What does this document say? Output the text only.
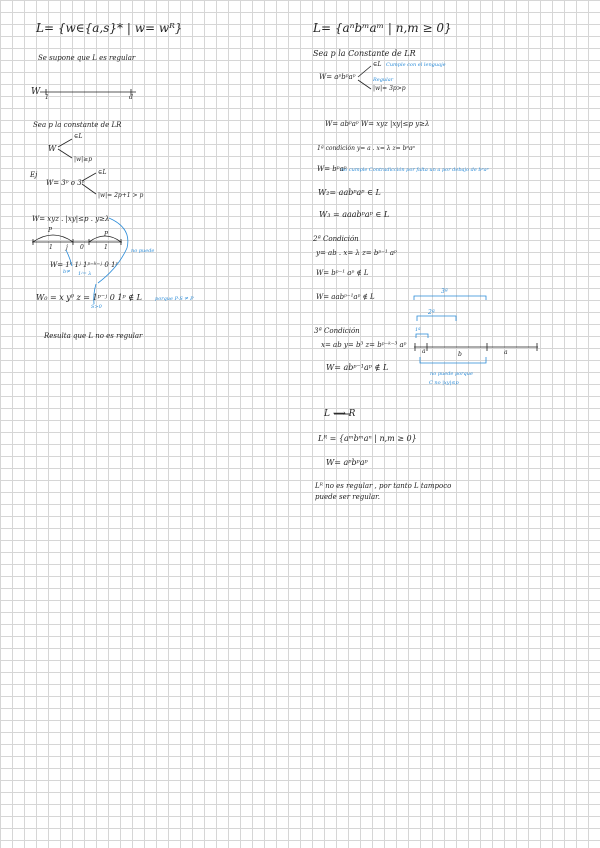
L= {w∈{a,s}* | w= wᴿ}
Se supone que L es regular
W
1	d
Sea p la constante de LR
W
∈L
|w|≥p
Ej
W= 3ᵖ o 3ᵖ
∈L
|w|= 2p+1 > p
W= xyz . |xy|≤p . y≥λ
P
P
1 j 0	1	no puede
W= 1ᵏ 1ʲ 1ᵖ⁻ᵏ⁻ʲ 0 1ᵖ
b≠ 1ʲ= λ
W₀ = x y⁰ z = 1ᵖ⁻ʲ 0 1ᵖ ∉ L	porque P-S ≠ P
S>0
Resulta que L no es regular
L= {aⁿbᵐaᵐ | n,m ≥ 0}
Sea p la Constante de LR
W= aᵖbᵖaᵖ
∈L Cumple con el lenguaje
Regular
|w|= 3p>p
W= abᵖaᵖ W= xyz |xy|≤p y≥λ
1ª condición y= a . x= λ z= bᵖaᵖ
W= bᵖaᵖ
no cumple Contradicción por falta un a por debajo de bᵖaᵖ
W₂= aabᵖaᵖ ∈ L
W₃ = aaabᵖaᵖ ∈ L
2ª Condición
y= ab . x= λ z= bᵖ⁻¹ aᵖ
W= bᵖ⁻¹ aᵖ ∉ L
W= aabᵖ⁻¹aᵖ ∉ L
3ª Condición
x= ab y= b³ z= bᵖ⁻ᵏ⁻³ aᵖ
W= abᵖ⁻¹aᵖ ∉ L
3ª
2ª
1ª
a	b	a
no puede porque
C no |xy|≤p
L ⟶ R
Lᴿ = {aᵐbᵐaⁿ | n,m ≥ 0}
W= aᵖbᵖaᵖ
Lᴿ no es regular , por tanto L tampoco
puede ser regular.
